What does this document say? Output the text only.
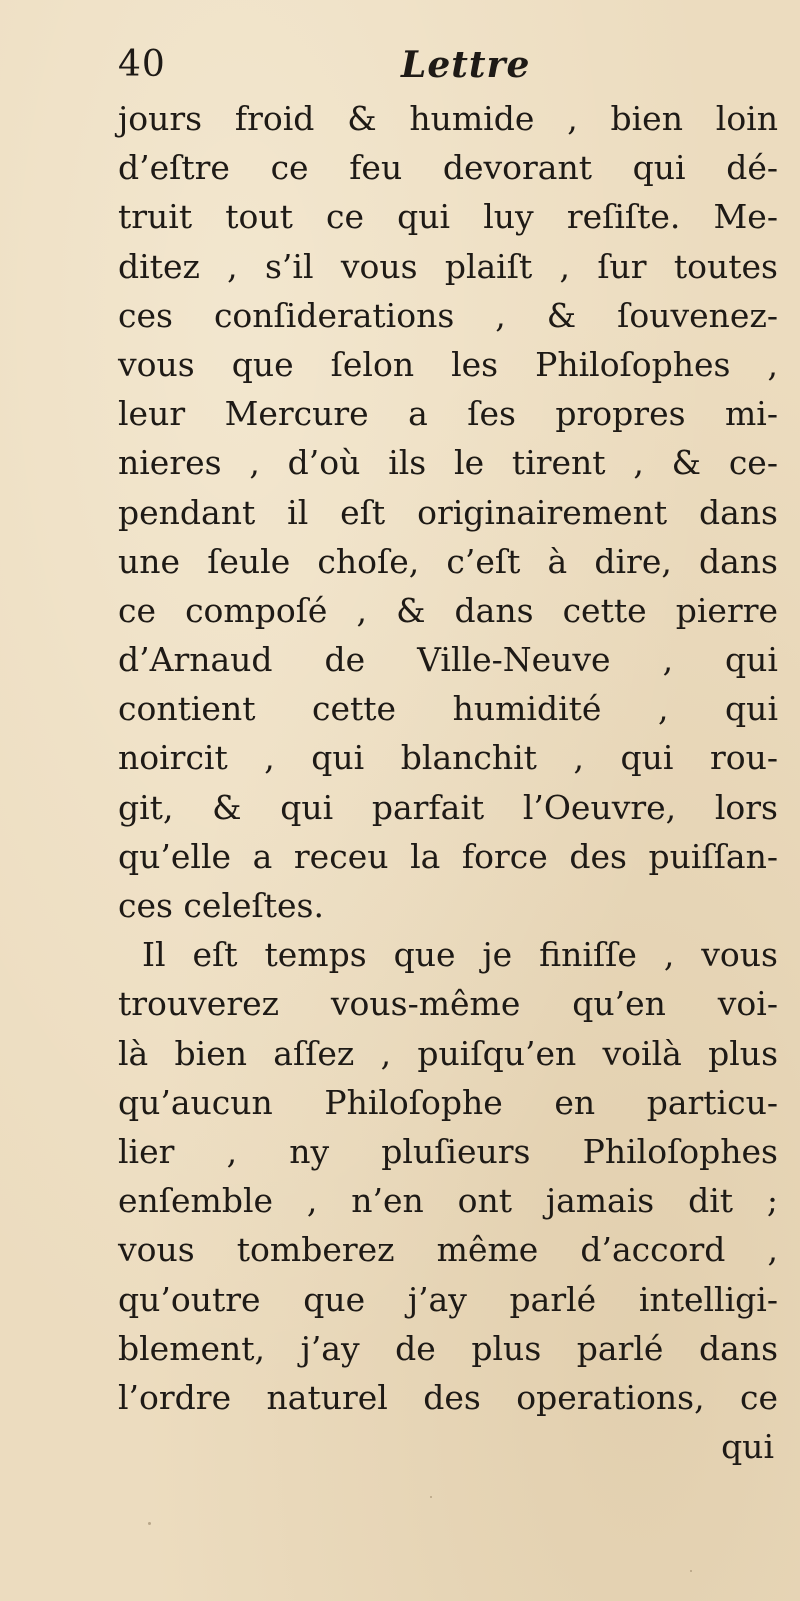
40	Lettre
jours froid & humide , bien loin
d’eſtre ce feu devorant qui dé-
truit tout ce qui luy reſiſte. Me-
ditez , s’il vous plaiſt , ſur toutes
ces conſiderations , & ſouvenez-
vous que ſelon les Philoſophes ,
leur Mercure a ſes propres mi-
nieres , d’où ils le tirent , & ce-
pendant il eſt originairement dans
une ſeule choſe, c’eſt à dire, dans
ce compoſé , & dans cette pierre
d’Arnaud de Ville-Neuve , qui
contient cette humidité , qui
noircit , qui blanchit , qui rou-
git, & qui parfait l’Oeuvre, lors
qu’elle a receu la force des puiſſan-
ces celeſtes.
Il eſt temps que je finiſſe , vous
trouverez vous-même qu’en voi-
là bien aſſez , puiſqu’en voilà plus
qu’aucun Philoſophe en particu-
lier , ny pluſieurs Philoſophes
enſemble , n’en ont jamais dit ;
vous tomberez même d’accord ,
qu’outre que j’ay parlé intelligi-
blement, j’ay de plus parlé dans
l’ordre naturel des operations, ce
qui
